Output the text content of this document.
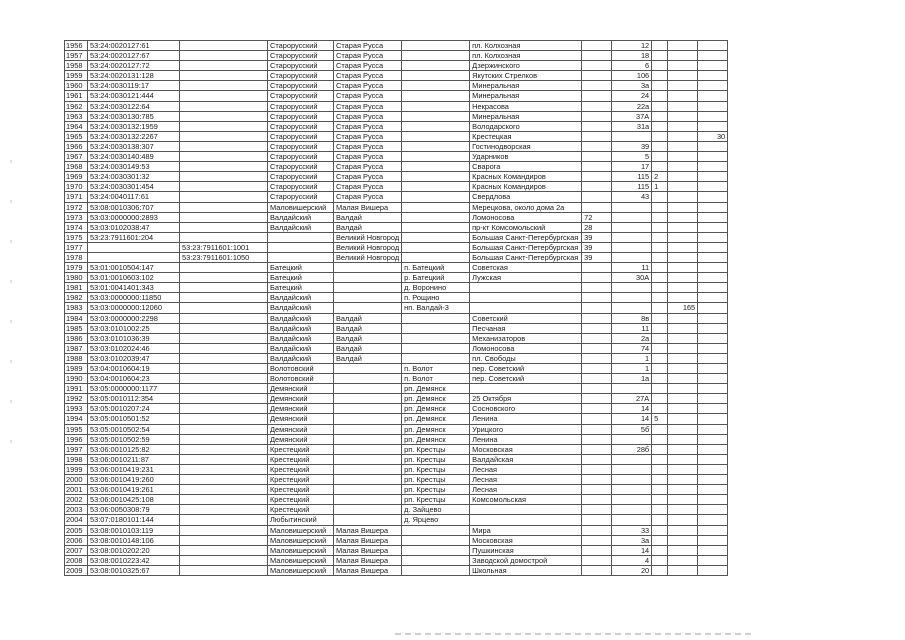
1956	53:24:0020127:61		Старорусский	Старая Русса		пл. Колхозная		12			
1957	53:24:0020127:67		Старорусский	Старая Русса		пл. Колхозная		18			
1958	53:24:0020127:72		Старорусский	Старая Русса		Дзержинского		6			
1959	53:24:0020131:128		Старорусский	Старая Русса		Якутских Стрелков		106			
1960	53:24:0030119:17		Старорусский	Старая Русса		Минеральная		3а			
1961	53:24:0030121:444		Старорусский	Старая Русса		Минеральная		24			
1962	53:24:0030122:64		Старорусский	Старая Русса		Некрасова		22а			
1963	53:24:0030130:785		Старорусский	Старая Русса		Минеральная		37А			
1964	53:24:0030132:1959		Старорусский	Старая Русса		Володарского		31а			
1965	53:24:0030132:2267		Старорусский	Старая Русса		Крестецкая					30
1966	53:24:0030138:307		Старорусский	Старая Русса		Гостинодворская		39			
1967	53:24:0030140:489		Старорусский	Старая Русса		Ударников		5			
1968	53:24:0030149:53		Старорусский	Старая Русса		Сварога		17			
1969	53:24:0030301:32		Старорусский	Старая Русса		Красных Командиров		115	2		
1970	53:24:0030301:454		Старорусский	Старая Русса		Красных Командиров		115	1		
1971	53:24:0040117:61		Старорусский	Старая Русса		Свердлова		43			
1972	53:08:0010306:707		Маловишерский	Малая Вишера		Мерецкова, около дома 2а					
1973	53:03:0000000:2893		Валдайский	Валдай		Ломоносова	72				
1974	53:03:0102038:47		Валдайский	Валдай		пр-кт Комсомольский	28				
1975	53:23:7911601:204			Великий Новгород		Большая Санкт-Петербургская	39				
1977		53:23:7911601:1001		Великий Новгород		Большая Санкт-Петербургская	39				
1978		53:23:7911601:1050		Великий Новгород		Большая Санкт-Петербургская	39				
1979	53:01:0010504:147		Батецкий		п. Батецкий	Советская		11			
1980	53:01:0010603:102		Батецкий		р. Батецкий	Лужская		30А			
1981	53:01:0041401:343		Батецкий		д. Воронино						
1982	53:03:0000000:11850		Валдайский		п. Рощино						
1983	53:03:0000000:12060		Валдайский		нп. Валдай-3					165	
1984	53:03:0000000:2298		Валдайский	Валдай		Советский		8в			
1985	53:03:0101002:25		Валдайский	Валдай		Песчаная		11			
1986	53:03:0101036:39		Валдайский	Валдай		Механизаторов		2а			
1987	53:03:0102024:46		Валдайский	Валдай		Ломоносова		74			
1988	53:03:0102039:47		Валдайский	Валдай		пл. Свободы		1			
1989	53:04:0010604:19		Волотовский		п. Волот	пер. Советский		1			
1990	53:04:0010604:23		Волотовский		п. Волот	пер. Советский		1а			
1991	53:05:0000000:1177		Демянский		рп. Демянск						
1992	53:05:0010112:354		Демянский		рп. Демянск	25 Октября		27А			
1993	53:05:0010207:24		Демянский		рп. Демянск	Сосновского		14			
1994	53:05:0010501:52		Демянский		рп. Демянск	Ленина		14	5		
1995	53:05:0010502:54		Демянский		рп. Демянск	Урицкого		5б			
1996	53:05:0010502:59		Демянский		рп. Демянск	Ленина					
1997	53:06:0010125:82		Крестецкий		рп. Крестцы	Московская		28б			
1998	53:06:0010211:87		Крестецкий		рп. Крестцы	Валдайская					
1999	53:06:0010419:231		Крестецкий		рп. Крестцы	Лесная					
2000	53:06:0010419:260		Крестецкий		рп. Крестцы	Лесная					
2001	53:06:0010419:261		Крестецкий		рп. Крестцы	Лесная					
2002	53:06:0010425:108		Крестецкий		рп. Крестцы	Комсомольская					
2003	53:06:0050308:79		Крестецкий		д. Зайцево						
2004	53:07:0180101:144		Любытинский		д. Ярцево						
2005	53:08:0010103:119		Маловишерский	Малая Вишера		Мира		33			
2006	53:08:0010148:106		Маловишерский	Малая Вишера		Московская		3а			
2007	53:08:0010202:20		Маловишерский	Малая Вишера		Пушкинская		14			
2008	53:08:0010223:42		Маловишерский	Малая Вишера		Заводской домострой		4			
2009	53:08:0010325:67		Маловишерский	Малая Вишера		Школьная		20			
